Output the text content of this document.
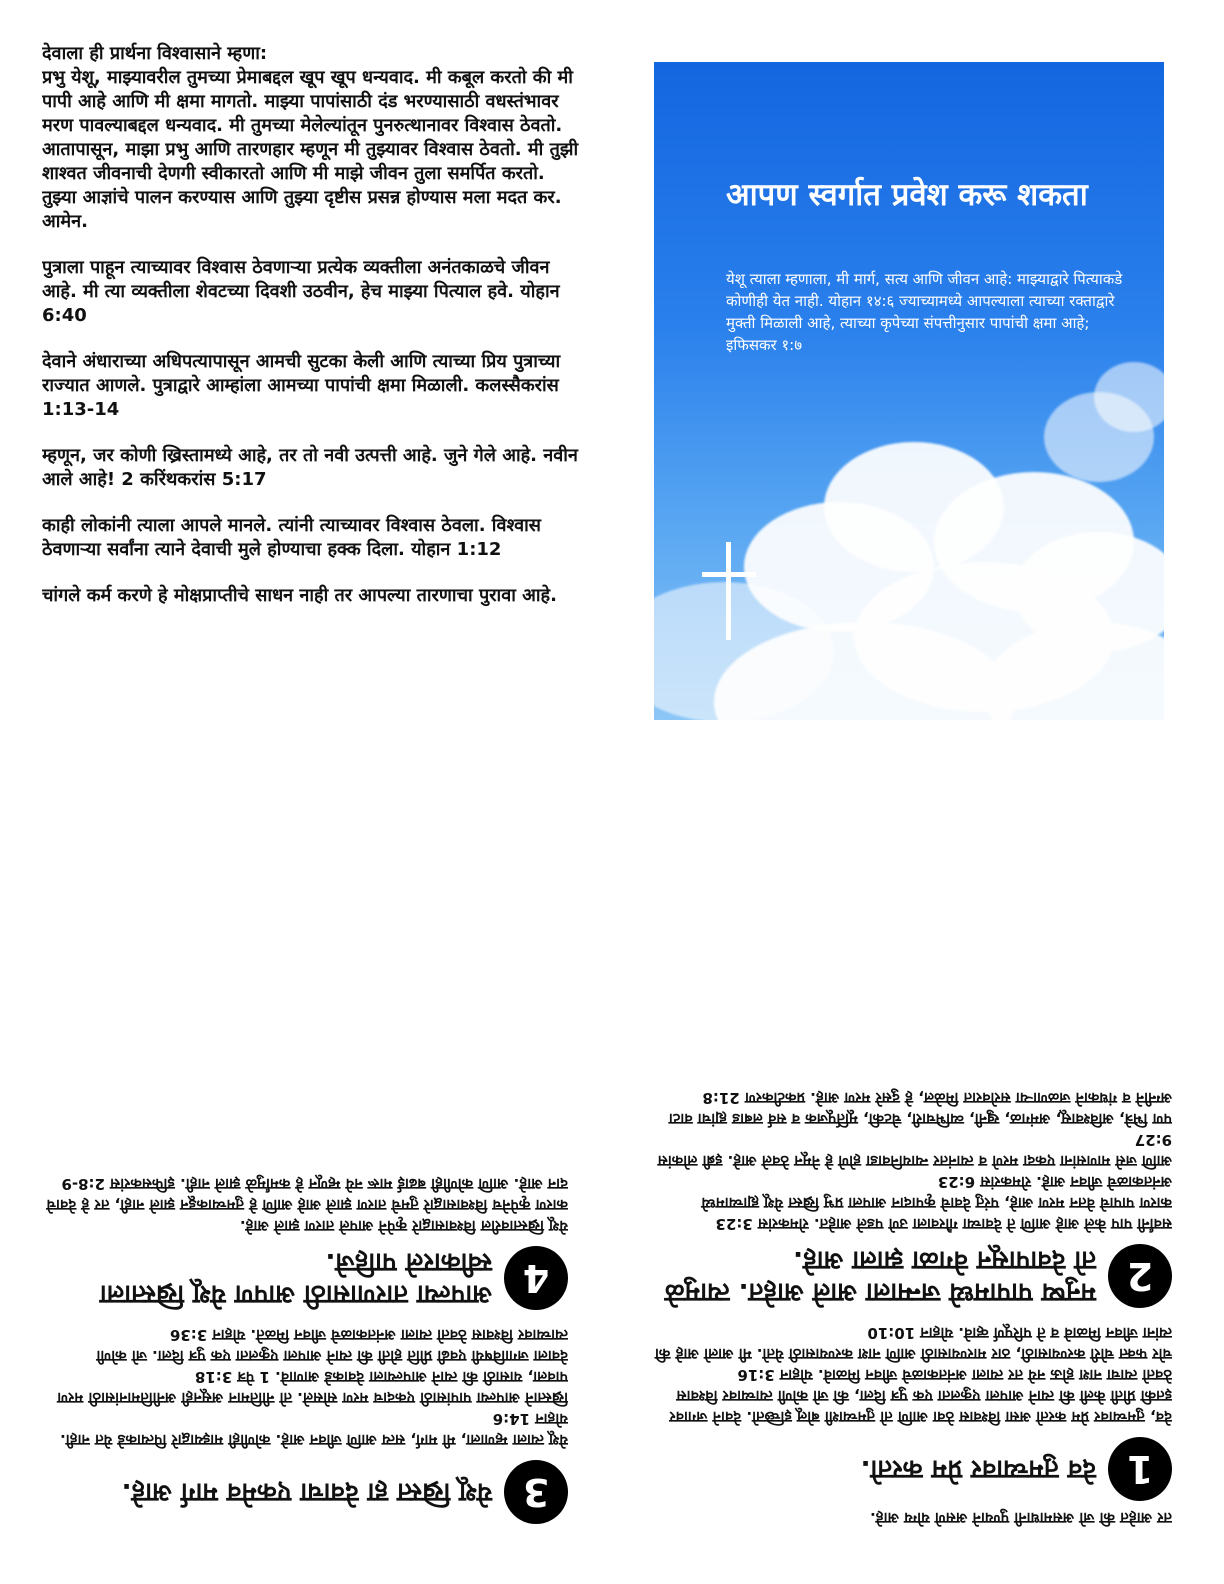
देवाला ही प्रार्थना विश्वासाने म्हणा:
प्रभु येशू, माझ्यावरील तुमच्या प्रेमाबद्दल खूप खूप धन्यवाद. मी कबूल करतो की मी पापी आहे आणि मी क्षमा मागतो. माझ्या पापांसाठी दंड भरण्यासाठी वधस्तंभावर मरण पावल्याबद्दल धन्यवाद. मी तुमच्या मेलेल्यांतून पुनरुत्थानावर विश्वास ठेवतो. आतापासून, माझा प्रभु आणि तारणहार म्हणून मी तुझ्यावर विश्वास ठेवतो. मी तुझी शाश्वत जीवनाची देणगी स्वीकारतो आणि मी माझे जीवन तुला समर्पित करतो. तुझ्या आज्ञांचे पालन करण्यास आणि तुझ्या दृष्टीस प्रसन्न होण्यास मला मदत कर. आमेन.

पुत्राला पाहून त्याच्यावर विश्वास ठेवणाऱ्या प्रत्येक व्यक्तीला अनंतकाळचे जीवन आहे. मी त्या व्यक्तीला शेवटच्या दिवशी उठवीन, हेच माझ्या पित्याल हवे. योहान 6:40

देवाने अंधाराच्या अधिपत्यापासून आमची सुटका केली आणि त्याच्या प्रिय पुत्राच्या राज्यात आणले. पुत्राद्वारे आम्हांला आमच्या पापांची क्षमा मिळाली. कलस्सैकरांस 1:13-14

म्हणून, जर कोणी ख्रिस्तामध्ये आहे, तर तो नवी उत्पत्ती आहे. जुने गेले आहे. नवीन आले आहे! 2 करिंथकरांस 5:17

काही लोकांनी त्याला आपले मानले. त्यांनी त्याच्यावर विश्वास ठेवला. विश्वास ठेवणाऱ्या सर्वांना त्याने देवाची मुले होण्याचा हक्क दिला. योहान 1:12

चांगले कर्म करणे हे मोक्षप्राप्तीचे साधन नाही तर आपल्या तारणाचा पुरावा आहे.

आपण स्वर्गात प्रवेश करू शकता
येशू त्याला म्हणाला, मी मार्ग, सत्य आणि जीवन आहे: माझ्याद्वारे पित्याकडे कोणीही येत नाही. योहान १४:६ ज्याच्यामध्ये आपल्याला त्याच्या रक्ताद्वारे मुक्ती मिळाली आहे, त्याच्या कृपेच्या संपत्तीनुसार पापांची क्षमा आहे; इफिसकर १:७

तर आहेत की जो असमाधानी पुण्याने असणे योग्य आहे.

1
देव तुमच्यावर प्रेम करतो.

देव, तुमच्यावर प्रेम करतो असा विश्वास ठेवा आणि तो तुमच्याशी बोलू इच्छितो. देवाने जगावर इतकी प्रीती केली की त्याने आपला एकुलता एक पुत्र दिला, की जो कोणी त्याच्यावर विश्वास ठेवतो त्याचा नाश होऊ नये तर त्याला अनंतकाळचे जीवन मिळावे. योहान 3:16
चोर फक्त चोरी करण्यासाठी, ठार मारण्यासाठी आणि नाश करण्यासाठी येतो. मी आलो आहे की त्यांना जीवन मिळावे व ते परिपूर्ण व्हावे. योहान 10:10

2
मनुष्य पापामध्ये जन्माला आले आहेत. त्यामुळे तो देवापासून वेगळा झाला आहे.

सर्वांनी पाप केले आहे आणि ते देवाच्या गौरवाला उणे पडले आहेत. रोमकरांस 3:23
कारण पापाचे वेतन मरण आहे, परंतु देवाचे कृपादान आपला प्रभु ख्रिस्त येशू ह्याच्यामध्ये अनंतकाळचे जीवन आहे. रोमकरांस 6:23
आणि जसे माणसांना एकदा मरणे व त्यानंतर न्यायनिवाडा होणे हे नेमून ठेवले आहे. इब्री लोकांस 9:27
पण भित्रे, अविश्वासू, अमंगळ, खुनी, व्यभिचारी, चेटकी, मूर्तिपूजक व सर्व लबाड ह्यांचा वाटा अग्नीने व गंधकाने जळणाऱ्या सरोवरात मिळेल, हे दुसरे मरण आहे. प्रकटीकरण 21:8

3
येशू ख्रिस्त हा देवाचा एकमेव मार्ग आहे.

येशू त्याला म्हणाला, मी मार्ग, सत्य आणि जीवन आहे. कोणीही माझ्याद्वारे पित्याकडे येत नाही. योहान 14:6
ख्रिस्ताने आपल्या पापांसाठी एकदाच मरण सोसले. तो नीतिमान असूनही अनीतिमानांसाठी मरण पावला, यासाठी की त्याने आपल्याला देवाकडे आणावे. 1 पेत्र 3:18
देवाला जगाविषयी एवढी प्रीति होती की त्याने आपला एकुलता एक पुत्र दिला. जो कोणी त्याच्यावर विश्वास ठेवतो त्याला अनंतकाळचे जीवन मिळते. योहान 3:36

4
आपल्या तारणासाठी आपण येशू ख्रिस्ताला स्वीकारले पाहिजे.

येशू ख्रिस्तावरील विश्वासाद्वारे कृपेने आपले तारण झाले आहे.
कारण कृपेनेच विश्वासाद्वारे तुमचे तारण झाले आहे आणि हे तुमच्याकडून झाले नाही, तर हे देवाचे दान आहे. आणि कोणीही बढाई मारू नये म्हणून हे कर्मांमुळे झाले नाही. इफिसकरांस 2:8-9
